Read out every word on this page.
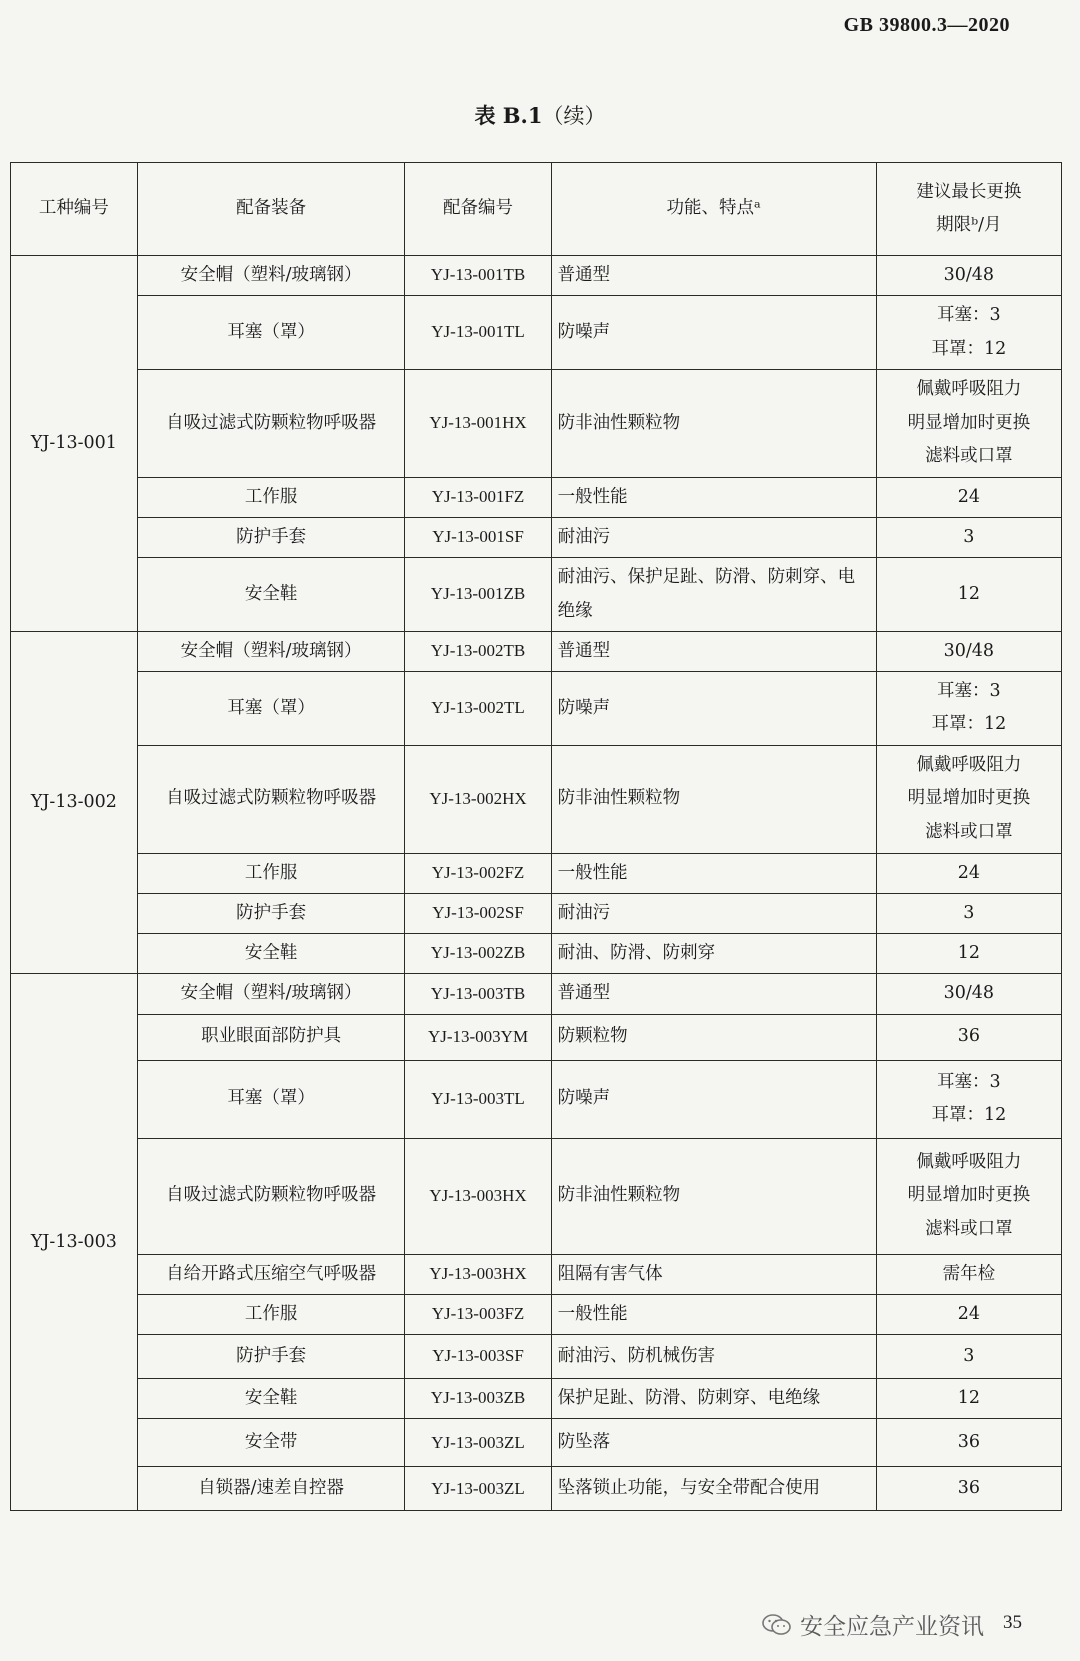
GB 39800.3—2020
表 B.1（续）
工种编号	配备装备	配备编号	功能、特点ᵃ	建议最长更换
期限ᵇ/月
YJ-13-001	安全帽（塑料/玻璃钢）	YJ-13-001TB	普通型	30/48
	耳塞（罩）	YJ-13-001TL	防噪声	耳塞：3
耳罩：12
	自吸过滤式防颗粒物呼吸器	YJ-13-001HX	防非油性颗粒物	佩戴呼吸阻力
明显增加时更换
滤料或口罩
	工作服	YJ-13-001FZ	一般性能	24
	防护手套	YJ-13-001SF	耐油污	3
	安全鞋	YJ-13-001ZB	耐油污、保护足趾、防滑、防刺穿、电绝缘	12
YJ-13-002	安全帽（塑料/玻璃钢）	YJ-13-002TB	普通型	30/48
	耳塞（罩）	YJ-13-002TL	防噪声	耳塞：3
耳罩：12
	自吸过滤式防颗粒物呼吸器	YJ-13-002HX	防非油性颗粒物	佩戴呼吸阻力
明显增加时更换
滤料或口罩
	工作服	YJ-13-002FZ	一般性能	24
	防护手套	YJ-13-002SF	耐油污	3
	安全鞋	YJ-13-002ZB	耐油、防滑、防刺穿	12
YJ-13-003	安全帽（塑料/玻璃钢）	YJ-13-003TB	普通型	30/48
	职业眼面部防护具	YJ-13-003YM	防颗粒物	36
	耳塞（罩）	YJ-13-003TL	防噪声	耳塞：3
耳罩：12
	自吸过滤式防颗粒物呼吸器	YJ-13-003HX	防非油性颗粒物	佩戴呼吸阻力
明显增加时更换
滤料或口罩
	自给开路式压缩空气呼吸器	YJ-13-003HX	阻隔有害气体	需年检
	工作服	YJ-13-003FZ	一般性能	24
	防护手套	YJ-13-003SF	耐油污、防机械伤害	3
	安全鞋	YJ-13-003ZB	保护足趾、防滑、防刺穿、电绝缘	12
	安全带	YJ-13-003ZL	防坠落	36
	自锁器/速差自控器	YJ-13-003ZL	坠落锁止功能，与安全带配合使用	36
安全应急产业资讯 35
